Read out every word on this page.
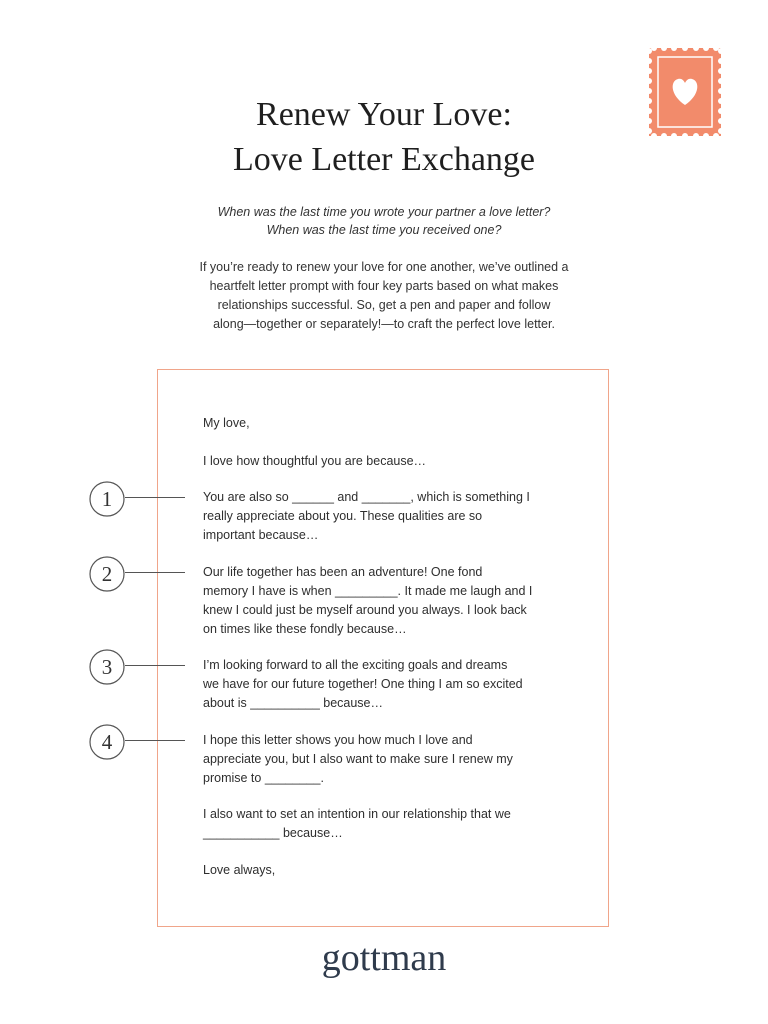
Renew Your Love:
Love Letter Exchange
When was the last time you wrote your partner a love letter?
When was the last time you received one?
If you’re ready to renew your love for one another, we’ve outlined a
heartfelt letter prompt with four key parts based on what makes
relationships successful. So, get a pen and paper and follow
along—together or separately!—to craft the perfect love letter.
My love,
I love how thoughtful you are because…
You are also so ______ and _______, which is something I
really appreciate about you. These qualities are so
important because…
Our life together has been an adventure! One fond
memory I have is when _________. It made me laugh and I
knew I could just be myself around you always. I look back
on times like these fondly because…
I’m looking forward to all the exciting goals and dreams
we have for our future together! One thing I am so excited
about is __________ because…
I hope this letter shows you how much I love and
appreciate you, but I also want to make sure I renew my
promise to ________.
I also want to set an intention in our relationship that we
___________ because…
Love always,
1
2
3
4
gottman
